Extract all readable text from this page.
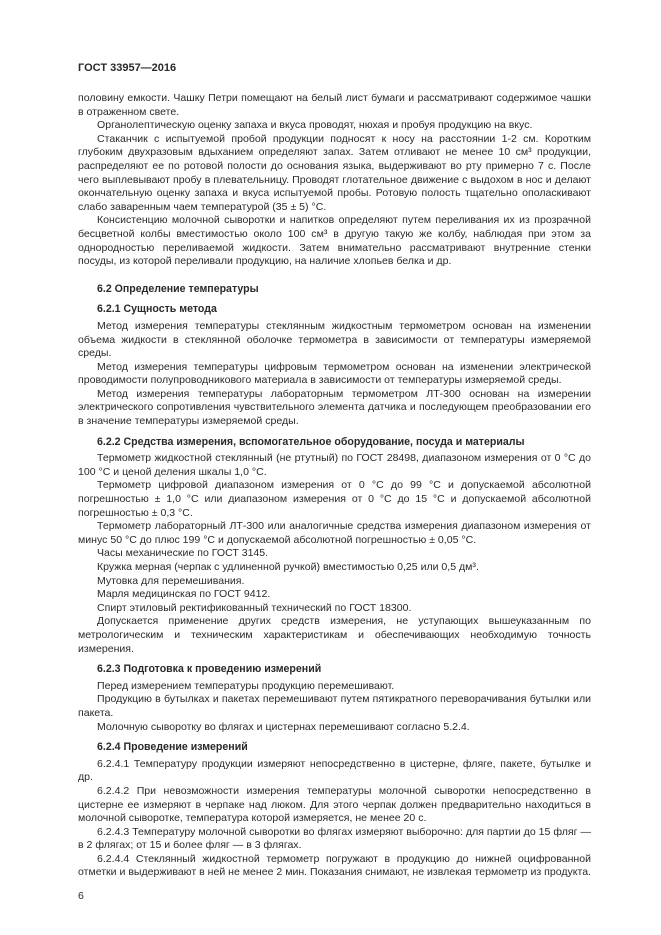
ГОСТ 33957—2016
половину емкости. Чашку Петри помещают на белый лист бумаги и рассматривают содержимое чашки в отраженном свете.
Органолептическую оценку запаха и вкуса проводят, нюхая и пробуя продукцию на вкус.
Стаканчик с испытуемой пробой продукции подносят к носу на расстоянии 1-2 см. Коротким глубоким двухразовым вдыханием определяют запах. Затем отливают не менее 10 см³ продукции, распределяют ее по ротовой полости до основания языка, выдерживают во рту примерно 7 с. После чего выплевывают пробу в плевательницу. Проводят глотательное движение с выдохом в нос и делают окончательную оценку запаха и вкуса испытуемой пробы. Ротовую полость тщательно ополаскивают слабо заваренным чаем температурой (35 ± 5) °С.
Консистенцию молочной сыворотки и напитков определяют путем переливания их из прозрачной бесцветной колбы вместимостью около 100 см³ в другую такую же колбу, наблюдая при этом за однородностью переливаемой жидкости. Затем внимательно рассматривают внутренние стенки посуды, из которой переливали продукцию, на наличие хлопьев белка и др.
6.2 Определение температуры
6.2.1 Сущность метода
Метод измерения температуры стеклянным жидкостным термометром основан на изменении объема жидкости в стеклянной оболочке термометра в зависимости от температуры измеряемой среды.
Метод измерения температуры цифровым термометром основан на изменении электрической проводимости полупроводникового материала в зависимости от температуры измеряемой среды.
Метод измерения температуры лабораторным термометром ЛТ-300 основан на измерении электрического сопротивления чувствительного элемента датчика и последующем преобразовании его в значение температуры измеряемой среды.
6.2.2 Средства измерения, вспомогательное оборудование, посуда и материалы
Термометр жидкостной стеклянный (не ртутный) по ГОСТ 28498, диапазоном измерения от 0 °С до 100 °С и ценой деления шкалы 1,0 °С.
Термометр цифровой диапазоном измерения от 0 °С до 99 °С и допускаемой абсолютной погрешностью ± 1,0 °С или диапазоном измерения от 0 °С до 15 °С и допускаемой абсолютной погрешностью ± 0,3 °С.
Термометр лабораторный ЛТ-300 или аналогичные средства измерения диапазоном измерения от минус 50 °С до плюс 199 °С и допускаемой абсолютной погрешностью ± 0,05 °С.
Часы механические по ГОСТ 3145.
Кружка мерная (черпак с удлиненной ручкой) вместимостью 0,25 или 0,5 дм³.
Мутовка для перемешивания.
Марля медицинская по ГОСТ 9412.
Спирт этиловый ректификованный технический по ГОСТ 18300.
Допускается применение других средств измерения, не уступающих вышеуказанным по метрологическим и техническим характеристикам и обеспечивающих необходимую точность измерения.
6.2.3 Подготовка к проведению измерений
Перед измерением температуры продукцию перемешивают.
Продукцию в бутылках и пакетах перемешивают путем пятикратного переворачивания бутылки или пакета.
Молочную сыворотку во флягах и цистернах перемешивают согласно 5.2.4.
6.2.4 Проведение измерений
6.2.4.1 Температуру продукции измеряют непосредственно в цистерне, фляге, пакете, бутылке и др.
6.2.4.2 При невозможности измерения температуры молочной сыворотки непосредственно в цистерне ее измеряют в черпаке над люком. Для этого черпак должен предварительно находиться в молочной сыворотке, температура которой измеряется, не менее 20 с.
6.2.4.3 Температуру молочной сыворотки во флягах измеряют выборочно: для партии до 15 фляг — в 2 флягах; от 15 и более фляг — в 3 флягах.
6.2.4.4 Стеклянный жидкостной термометр погружают в продукцию до нижней оцифрованной отметки и выдерживают в ней не менее 2 мин. Показания снимают, не извлекая термометр из продукта.
6
